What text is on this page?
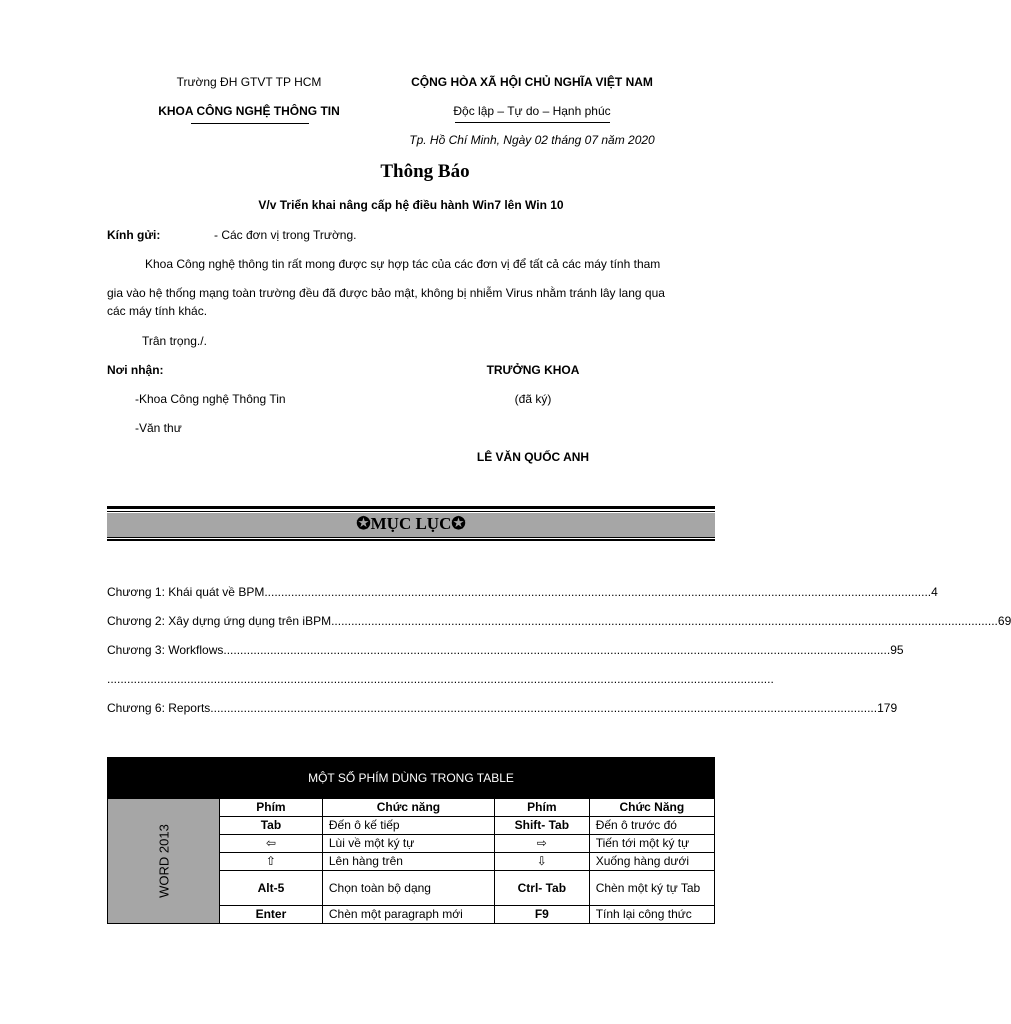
Trường ĐH GTVT TP HCM
KHOA CÔNG NGHỆ THÔNG TIN
CỘNG HÒA XÃ HỘI CHỦ NGHĨA VIỆT NAM
Độc lập – Tự do – Hạnh phúc
Tp. Hồ Chí Minh, Ngày 02 tháng 07 năm 2020
Thông Báo
V/v Triển khai nâng cấp hệ điều hành Win7 lên Win 10
Kính gửi:	- Các đơn vị trong Trường.
Khoa Công nghệ thông tin rất mong được sự hợp tác của các đơn vị để tất cả các máy tính tham
gia vào hệ thống mạng toàn trường đều đã được bảo mật, không bị nhiễm Virus nhằm tránh lây lang qua
các máy tính khác.
Trân trọng./.
Nơi nhận:
-Khoa Công nghệ Thông Tin
-Văn thư
TRƯỞNG KHOA
(đã ký)
LÊ VĂN QUỐC ANH
✪MỤC LỤC✪
Chương 1: Khái quát về BPM ........................................................................................................................................................................................................ 4
Chương 2: Xây dựng ứng dụng trên iBPM ........................................................................................................................................................................................................ 69
Chương 3: Workflows ........................................................................................................................................................................................................ 95
........................................................................................................................................................................................................
Chương 6: Reports ........................................................................................................................................................................................................ 179
MỘT SỐ PHÍM DÙNG TRONG TABLE				

WORD 2013	Phím	Chức năng	Phím	Chức Năng
	Tab	Đến ô kế tiếp	Shift- Tab	Đến ô trước đó
	⇦	Lùi về một ký tự	⇨	Tiến tới một ký tự
	⇧	Lên hàng trên	⇩	Xuống hàng dưới
	Alt-5	Chọn toàn bộ dạng	Ctrl- Tab	Chèn một ký tự Tab
	Enter	Chèn một paragraph mới	F9	Tính lại công thức
